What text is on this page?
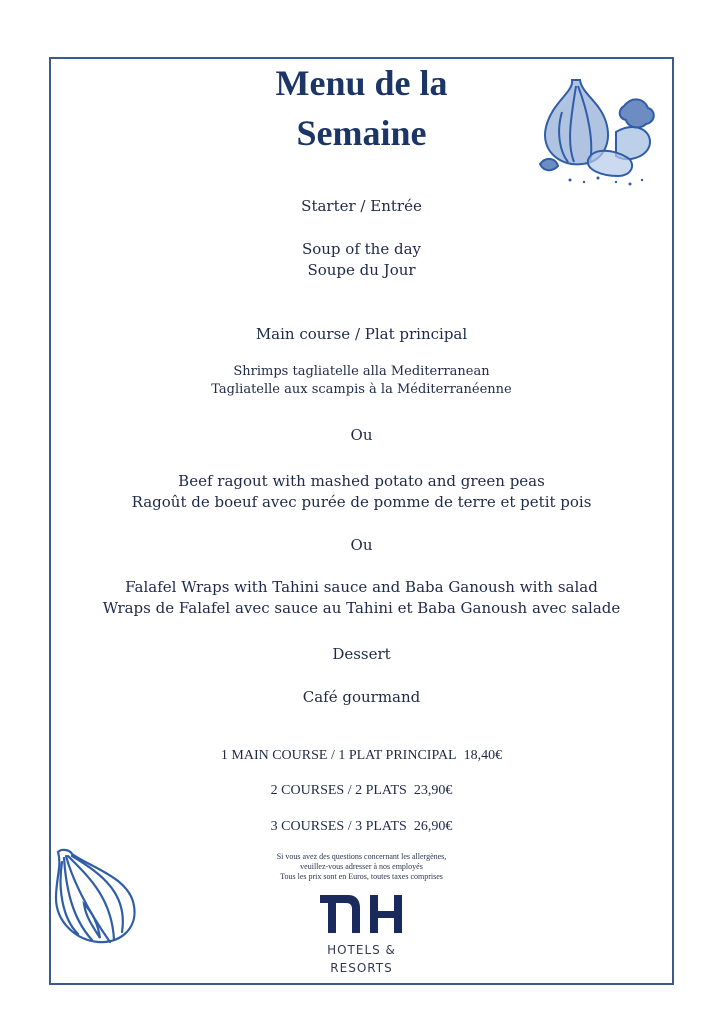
Menu de la
Semaine
Starter / Entrée
Soup of the day
Soupe du Jour
Main course / Plat principal
Shrimps tagliatelle alla Mediterranean
Tagliatelle aux scampis à la Méditerranéenne
Ou
Beef ragout with mashed potato and green peas
Ragoût de boeuf avec purée de pomme de terre et petit pois
Ou
Falafel Wraps with Tahini sauce and Baba Ganoush with salad
Wraps de Falafel avec sauce au Tahini et Baba Ganoush avec salade
Dessert
Café gourmand
1 MAIN COURSE / 1 PLAT PRINCIPAL 18,40€
2 COURSES / 2 PLATS 23,90€
3 COURSES / 3 PLATS 26,90€
Si vous avez des questions concernant les allergènes,
veuillez-vous adresser à nos employés
Tous les prix sont en Euros, toutes taxes comprises
HOTELS &
RESORTS
